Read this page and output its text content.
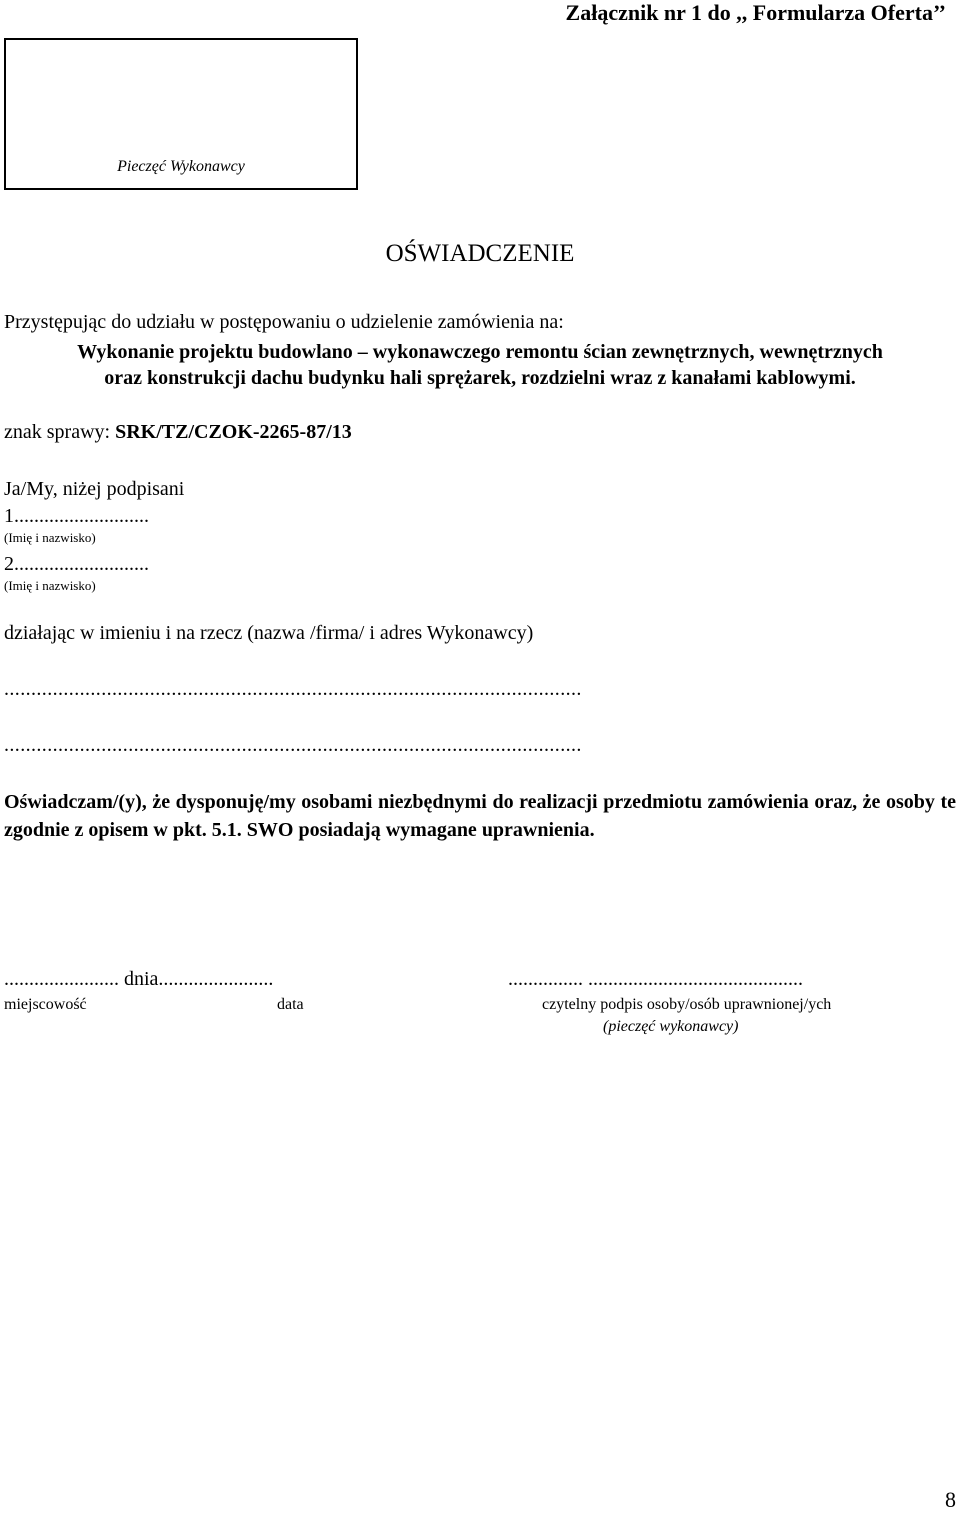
Załącznik nr 1 do ,, Formularza Oferta’’
Pieczęć Wykonawcy
OŚWIADCZENIE
Przystępując do udziału w postępowaniu o udzielenie zamówienia na:
Wykonanie projektu budowlano – wykonawczego remontu ścian zewnętrznych, wewnętrznych oraz konstrukcji dachu budynku hali sprężarek, rozdzielni wraz z kanałami kablowymi.
znak sprawy: SRK/TZ/CZOK-2265-87/13
Ja/My, niżej podpisani
1...........................
(Imię i nazwisko)
2...........................
(Imię i nazwisko)
działając w imieniu i na rzecz (nazwa /firma/ i adres Wykonawcy)
...........................................................................................................
...........................................................................................................
Oświadczam/(y), że dysponuję/my osobami niezbędnymi do realizacji przedmiotu zamówienia oraz, że osoby te zgodnie z opisem w pkt. 5.1. SWO posiadają wymagane uprawnienia.
....................... dnia.......................	............... ...........................................
miejscowość	data	czytelny podpis osoby/osób uprawnionej/ych
(pieczęć wykonawcy)
8
